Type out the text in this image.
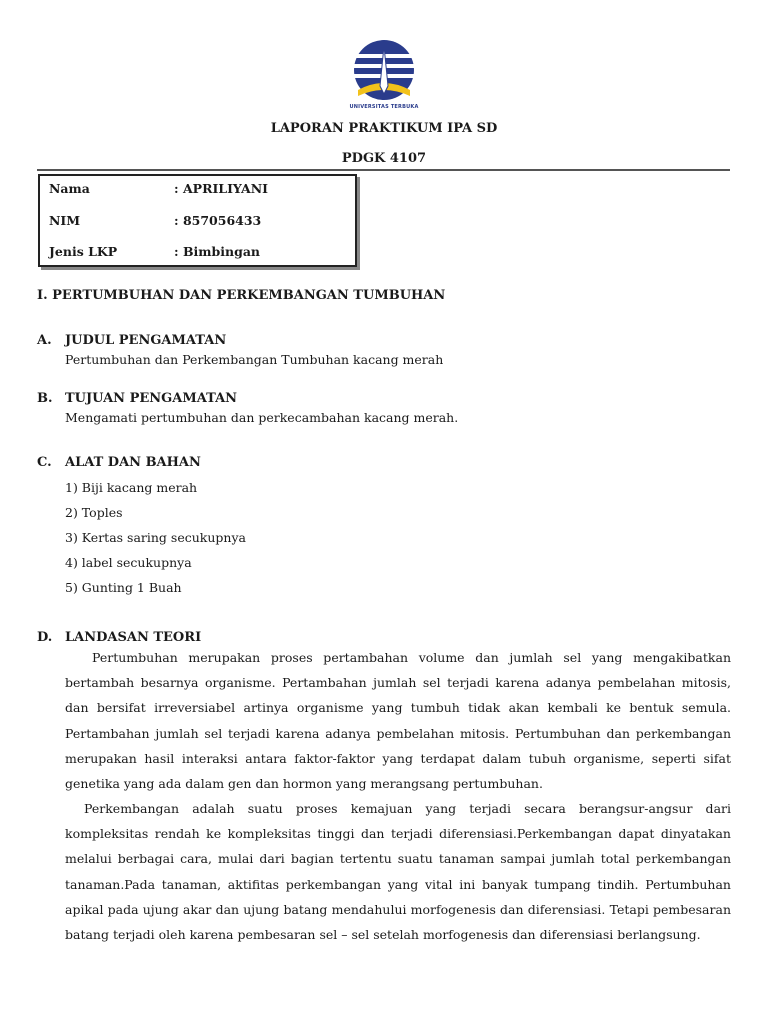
UNIVERSITAS TERBUKA
LAPORAN PRAKTIKUM IPA SD
PDGK 4107
Nama	: APRILIYANI
NIM	: 857056433
Jenis LKP	: Bimbingan
I. PERTUMBUHAN DAN PERKEMBANGAN TUMBUHAN
A. JUDUL PENGAMATAN
Pertumbuhan dan Perkembangan Tumbuhan kacang merah
B. TUJUAN PENGAMATAN
Mengamati pertumbuhan dan perkecambahan kacang merah.
C. ALAT DAN BAHAN
1) Biji kacang merah
2) Toples
3) Kertas saring secukupnya
4) label secukupnya
5) Gunting 1 Buah
D. LANDASAN TEORI

Pertumbuhan merupakan proses pertambahan volume dan jumlah sel yang mengakibatkan bertambah besarnya organisme. Pertambahan jumlah sel terjadi karena adanya pembelahan mitosis, dan bersifat irreversiabel artinya organisme yang tumbuh tidak akan kembali ke bentuk semula. Pertambahan jumlah sel terjadi karena adanya pembelahan mitosis. Pertumbuhan dan perkembangan merupakan hasil interaksi antara faktor-faktor yang terdapat dalam tubuh organisme, seperti sifat genetika yang ada dalam gen dan hormon yang merangsang pertumbuhan.

Perkembangan adalah suatu proses kemajuan yang terjadi secara berangsur-angsur dari kompleksitas rendah ke kompleksitas tinggi dan terjadi diferensiasi.Perkembangan dapat dinyatakan melalui berbagai cara, mulai dari bagian tertentu suatu tanaman sampai jumlah total perkembangan tanaman.Pada tanaman, aktifitas perkembangan yang vital ini banyak tumpang tindih. Pertumbuhan apikal pada ujung akar dan ujung batang mendahului morfogenesis dan diferensiasi. Tetapi pembesaran batang terjadi oleh karena pembesaran sel – sel setelah morfogenesis dan diferensiasi berlangsung.
